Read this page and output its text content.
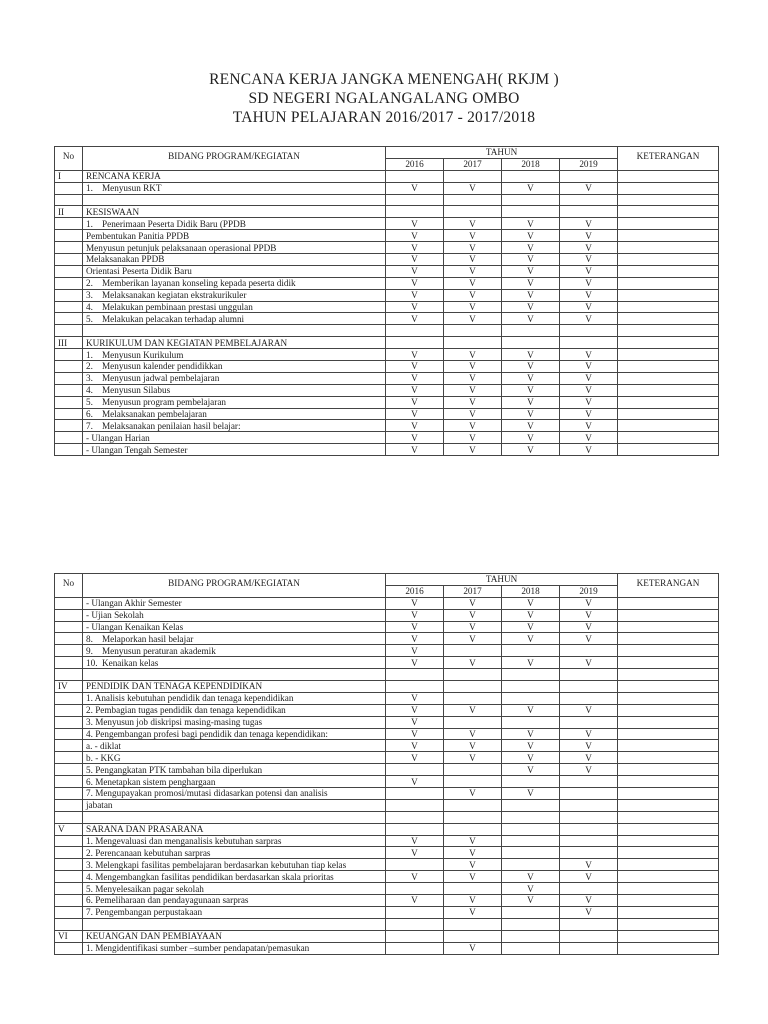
RENCANA KERJA JANGKA MENENGAH( RKJM )
SD NEGERI NGALANGALANG OMBO
TAHUN PELAJARAN 2016/2017 - 2017/2018
No	BIDANG PROGRAM/KEGIATAN	TAHUN				KETERANGAN
		2016	2017	2018	2019	
I	RENCANA KERJA					
	1. Menyusun RKT	V	V	V	V	

II	KESISWAAN					
	1. Penerimaan Peserta Didik Baru (PPDB	V	V	V	V	
	Pembentukan Panitia PPDB	V	V	V	V	
	Menyusun petunjuk pelaksanaan operasional PPDB	V	V	V	V	
	Melaksanakan PPDB	V	V	V	V	
	Orientasi Peserta Didik Baru	V	V	V	V	
	2. Memberikan layanan konseling kepada peserta didik	V	V	V	V	
	3. Melaksanakan kegiatan ekstrakurikuler	V	V	V	V	
	4. Melakukan pembinaan prestasi unggulan	V	V	V	V	
	5. Melakukan pelacakan terhadap alumni	V	V	V	V	

III	KURIKULUM DAN KEGIATAN PEMBELAJARAN					
	1. Menyusun Kurikulum	V	V	V	V	
	2. Menyusun kalender pendidikkan	V	V	V	V	
	3. Menyusun jadwal pembelajaran	V	V	V	V	
	4. Menyusun Silabus	V	V	V	V	
	5. Menyusun program pembelajaran	V	V	V	V	
	6. Melaksanakan pembelajaran	V	V	V	V	
	7. Melaksanakan penilaian hasil belajar:	V	V	V	V	
	- Ulangan Harian	V	V	V	V	
	- Ulangan Tengah Semester	V	V	V	V	
No	BIDANG PROGRAM/KEGIATAN	TAHUN				KETERANGAN
		2016	2017	2018	2019	
	- Ulangan Akhir Semester	V	V	V	V	
	- Ujian Sekolah	V	V	V	V	
	- Ulangan Kenaikan Kelas	V	V	V	V	
	8. Melaporkan hasil belajar	V	V	V	V	
	9. Menyusun peraturan akademik	V				
	10. Kenaikan kelas	V	V	V	V	

IV	PENDIDIK DAN TENAGA KEPENDIDIKAN					
	1. Analisis kebutuhan pendidik dan tenaga kependidikan	V				
	2. Pembagian tugas pendidik dan tenaga kependidikan	V	V	V	V	
	3. Menyusun job diskripsi masing-masing tugas	V				
	4. Pengembangan profesi bagi pendidik dan tenaga kependidikan:	V	V	V	V	
	a. - diklat	V	V	V	V	
	b. - KKG	V	V	V	V	
	5. Pengangkatan PTK tambahan bila diperlukan			V	V	
	6. Menetapkan sistem penghargaan	V				
	7. Mengupayakan promosi/mutasi didasarkan potensi dan analisis		V	V		
	jabatan					

V	SARANA DAN PRASARANA					
	1. Mengevaluasi dan menganalisis kebutuhan sarpras	V	V			
	2. Perencanaan kebutuhan sarpras	V	V			
	3. Melengkapi fasilitas pembelajaran berdasarkan kebutuhan tiap kelas		V		V	
	4. Mengembangkan fasilitas pendidikan berdasarkan skala prioritas	V	V	V	V	
	5. Menyelesaikan pagar sekolah			V		
	6. Pemeliharaan dan pendayagunaan sarpras	V	V	V	V	
	7. Pengembangan perpustakaan		V		V	

VI	KEUANGAN DAN PEMBIAYAAN					
	1. Mengidentifikasi sumber –sumber pendapatan/pemasukan		V			
